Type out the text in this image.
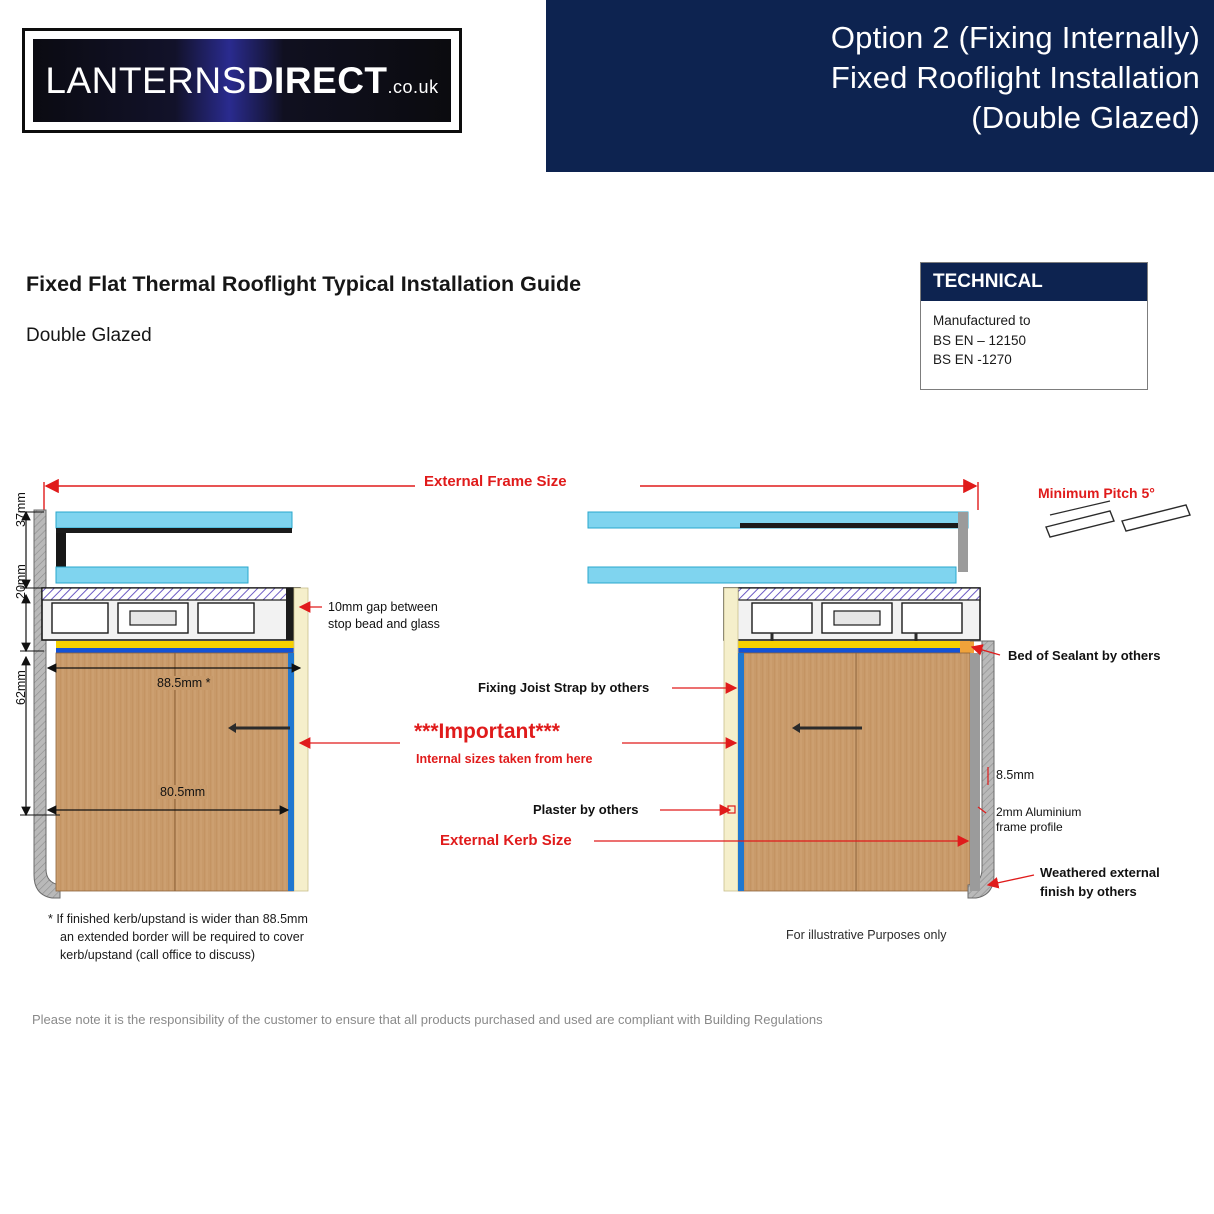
Option 2 (Fixing Internally)
Fixed Rooflight Installation
(Double Glazed)
LANTERNSDIRECT.co.uk
Fixed Flat Thermal Rooflight Typical Installation Guide
Double Glazed
TECHNICAL
Manufactured to
BS EN – 12150
BS EN -1270
External Frame Size
Minimum Pitch 5°
37mm
20mm
62mm	88.5mm *
80.5mm
10mm gap between
stop bead and glass
Bed of Sealant by others
Fixing Joist Strap by others
***Important***
Internal sizes taken from here
Plaster by others
External Kerb Size
8.5mm
2mm Aluminium
frame profile
Weathered external
finish by others
* If finished kerb/upstand is wider than 88.5mm
an extended border will be required to cover
kerb/upstand (call office to discuss)
For illustrative Purposes only
Please note it is the responsibility of the customer to ensure that all products purchased and used are compliant with Building Regulations
